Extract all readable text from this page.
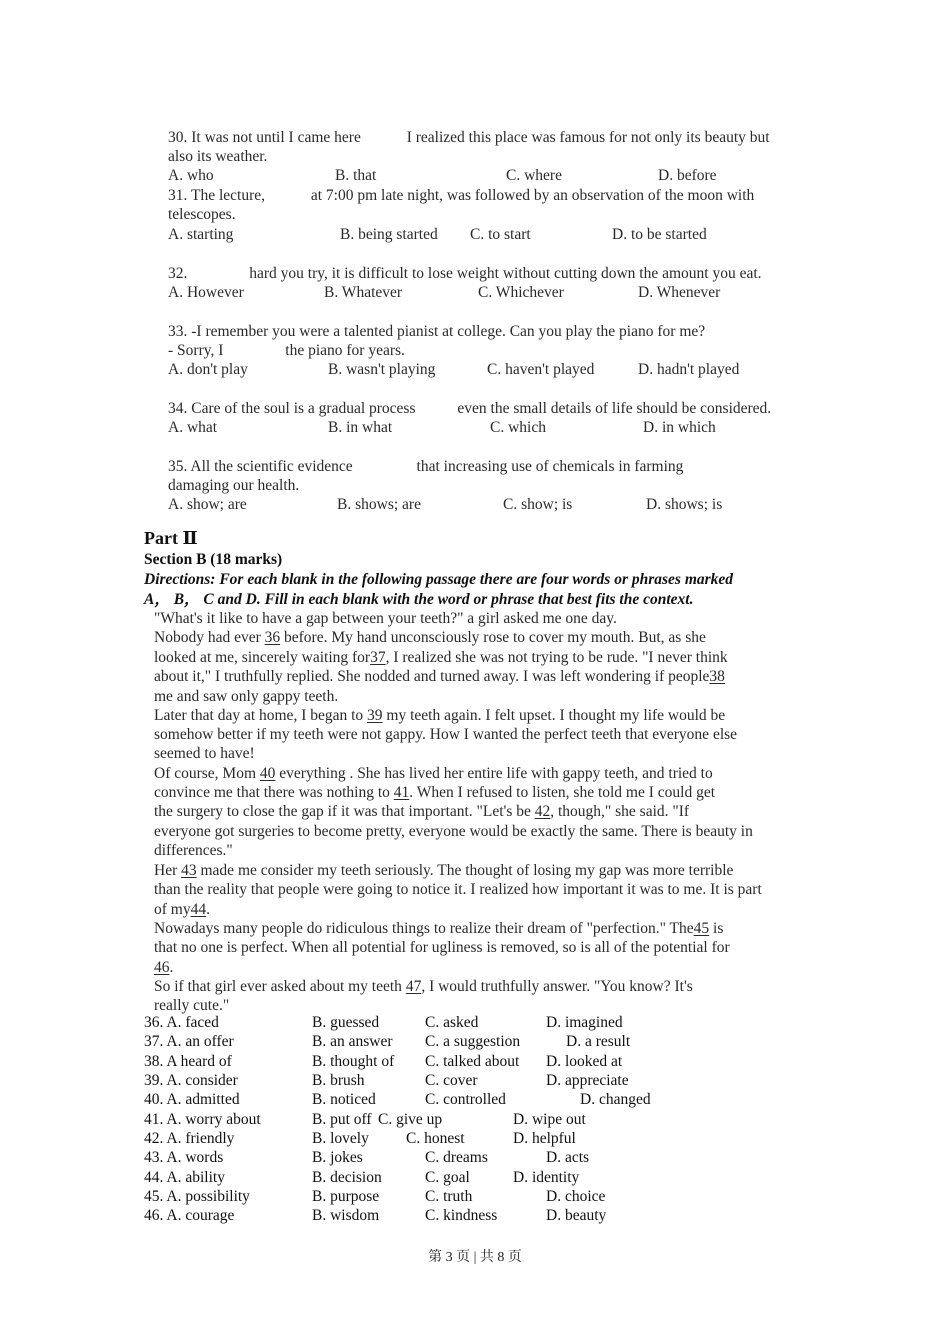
30. It was not until I came here	I realized this place was famous for not only its beauty but
also its weather.
A. who	B. that	C. where	D. before
31. The lecture,	at 7:00 pm late night, was followed by an observation of the moon with
telescopes.
A. starting	B. being started	C. to start	D. to be started
32.	hard you try, it is difficult to lose weight without cutting down the amount you eat.
A. However	B. Whatever	C. Whichever	D. Whenever
33. -I remember you were a talented pianist at college. Can you play the piano for me?
- Sorry, I	the piano for years.
A. don't play	B. wasn't playing	C. haven't played	D. hadn't played
34. Care of the soul is a gradual process even the small details of life should be considered.
A. what	B. in what	C. which	D. in which
35. All the scientific evidence	that increasing use of chemicals in farming
damaging our health.
A. show; are	B. shows; are	C. show; is	D. shows; is
Part Ⅱ
Section B (18 marks)
Directions: For each blank in the following passage there are four words or phrases marked
A， B， C and D. Fill in each blank with the word or phrase that best fits the context.
"What's it like to have a gap between your teeth?" a girl asked me one day.
Nobody had ever 36 before. My hand unconsciously rose to cover my mouth. But, as she
looked at me, sincerely waiting for37, I realized she was not trying to be rude. "I never think
about it," I truthfully replied. She nodded and turned away. I was left wondering if people38
me and saw only gappy teeth.
Later that day at home, I began to 39 my teeth again. I felt upset. I thought my life would be
somehow better if my teeth were not gappy. How I wanted the perfect teeth that everyone else
seemed to have!
Of course, Mom 40 everything . She has lived her entire life with gappy teeth, and tried to
convince me that there was nothing to 41. When I refused to listen, she told me I could get
the surgery to close the gap if it was that important. "Let's be 42, though," she said. "If
everyone got surgeries to become pretty, everyone would be exactly the same. There is beauty in
differences."
Her 43 made me consider my teeth seriously. The thought of losing my gap was more terrible
than the reality that people were going to notice it. I realized how important it was to me. It is part
of my44.
Nowadays many people do ridiculous things to realize their dream of "perfection." The45 is
that no one is perfect. When all potential for ugliness is removed, so is all of the potential for
46.
So if that girl ever asked about my teeth 47, I would truthfully answer. "You know? It's
really cute."
36. A. faced	B. guessed	C. asked	D. imagined
37. A. an offer	B. an answer	C. a suggestion	D. a result
38. A heard of	B. thought of	C. talked about	D. looked at
39. A. consider	B. brush	C. cover	D. appreciate
40. A. admitted	B. noticed	C. controlled	D. changed
41. A. worry about	B. put off C. give up	D. wipe out
42. A. friendly	B. lovely	C. honest	D. helpful
43. A. words	B. jokes	C. dreams	D. acts
44. A. ability	B. decision	C. goal	D. identity
45. A. possibility	B. purpose	C. truth	D. choice
46. A. courage	B. wisdom	C. kindness	D. beauty
第 3 页 | 共 8 页
